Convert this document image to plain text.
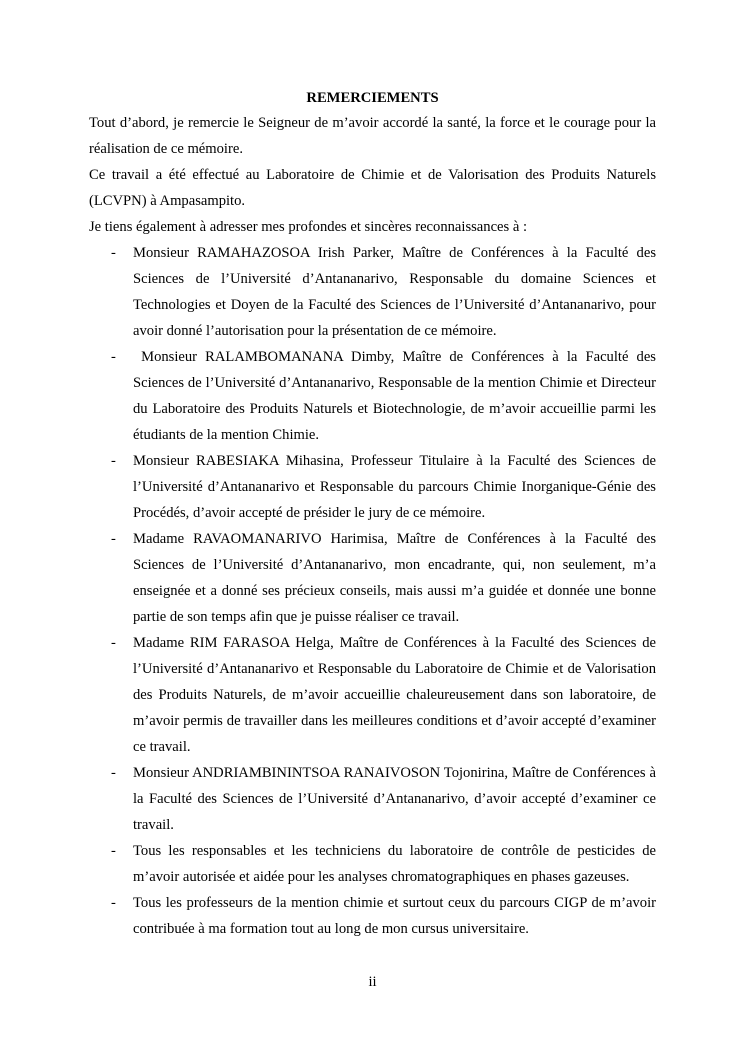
REMERCIEMENTS

Tout d’abord, je remercie le Seigneur de m’avoir accordé la santé, la force et le courage pour la réalisation de ce mémoire.

Ce travail a été effectué au Laboratoire de Chimie et de Valorisation des Produits Naturels (LCVPN) à Ampasampito.

Je tiens également à adresser mes profondes et sincères reconnaissances à :

- Monsieur RAMAHAZOSOA Irish Parker, Maître de Conférences à la Faculté des Sciences de l’Université d’Antananarivo, Responsable du domaine Sciences et Technologies et Doyen de la Faculté des Sciences de l’Université d’Antananarivo, pour avoir donné l’autorisation pour la présentation de ce mémoire.
- Monsieur RALAMBOMANANA Dimby, Maître de Conférences à la Faculté des Sciences de l’Université d’Antananarivo, Responsable de la mention Chimie et Directeur du Laboratoire des Produits Naturels et Biotechnologie, de m’avoir accueillie parmi les étudiants de la mention Chimie.
- Monsieur RABESIAKA Mihasina, Professeur Titulaire à la Faculté des Sciences de l’Université d’Antananarivo et Responsable du parcours Chimie Inorganique-Génie des Procédés, d’avoir accepté de présider le jury de ce mémoire.
- Madame RAVAOMANARIVO Harimisa, Maître de Conférences à la Faculté des Sciences de l’Université d’Antananarivo, mon encadrante, qui, non seulement, m’a enseignée et a donné ses précieux conseils, mais aussi m’a guidée et donnée une bonne partie de son temps afin que je puisse réaliser ce travail.
- Madame RIM FARASOA Helga, Maître de Conférences à la Faculté des Sciences de l’Université d’Antananarivo et Responsable du Laboratoire de Chimie et de Valorisation des Produits Naturels, de m’avoir accueillie chaleureusement dans son laboratoire, de m’avoir permis de travailler dans les meilleures conditions et d’avoir accepté d’examiner ce travail.
- Monsieur ANDRIAMBININTSOA RANAIVOSON Tojonirina, Maître de Conférences à la Faculté des Sciences de l’Université d’Antananarivo, d’avoir accepté d’examiner ce travail.
- Tous les responsables et les techniciens du laboratoire de contrôle de pesticides de m’avoir autorisée et aidée pour les analyses chromatographiques en phases gazeuses.
- Tous les professeurs de la mention chimie et surtout ceux du parcours CIGP de m’avoir contribuée à ma formation tout au long de mon cursus universitaire.
ii
